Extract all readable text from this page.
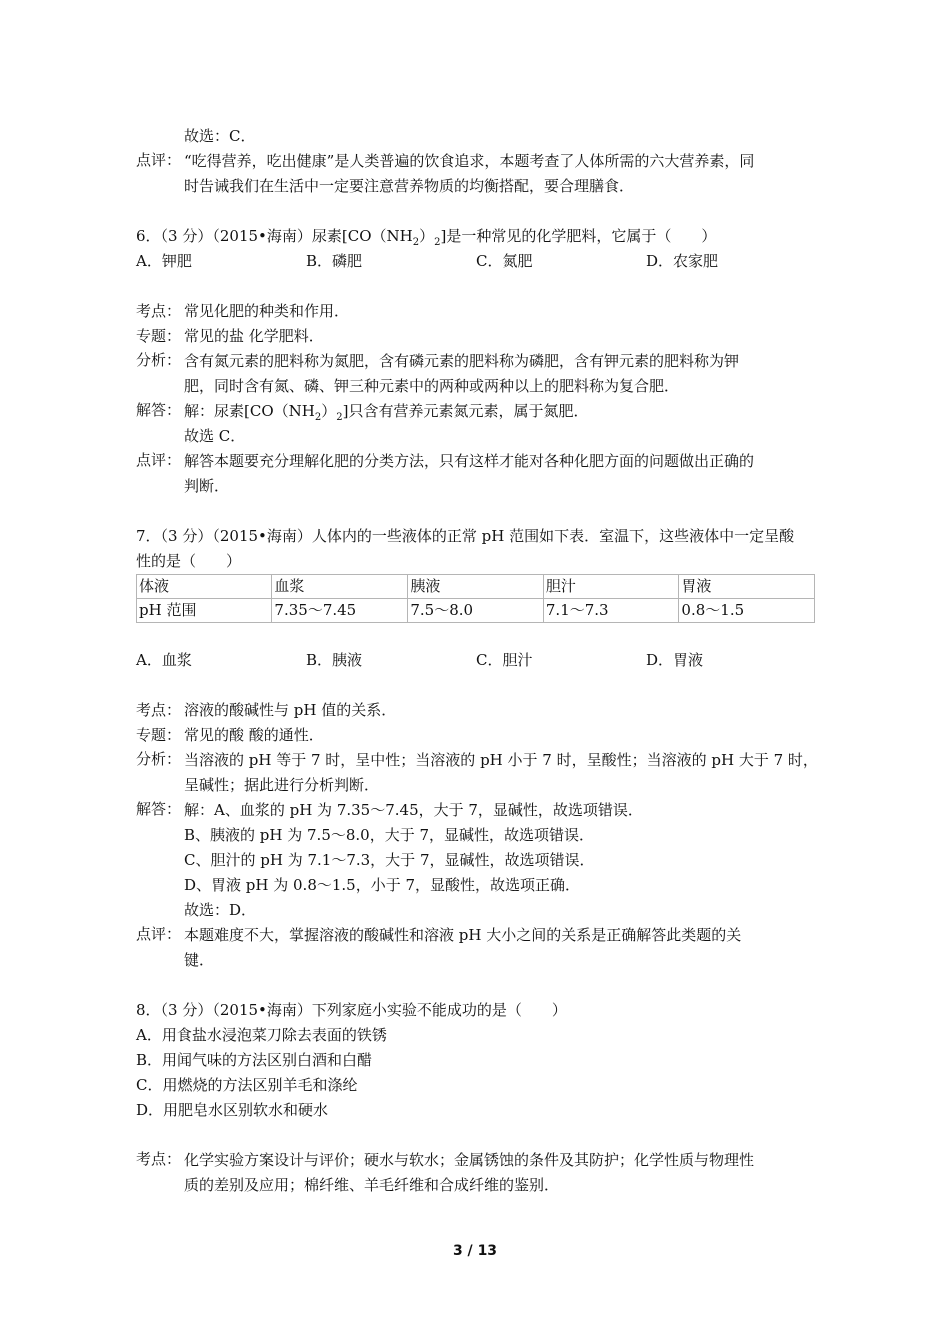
故选：C．
点评： “吃得营养，吃出健康”是人类普遍的饮食追求，本题考查了人体所需的六大营养素，同
时告诫我们在生活中一定要注意营养物质的均衡搭配，要合理膳食．
6．（3 分）（2015•海南）尿素$[CO(NH_2)_2]$是一种常见的化学肥料，它属于（　　）
A．钾肥	B．磷肥	C．氮肥	D．农家肥
考点： 常见化肥的种类和作用．
专题： 常见的盐 化学肥料．
分析： 含有氮元素的肥料称为氮肥，含有磷元素的肥料称为磷肥，含有钾元素的肥料称为钾
肥，同时含有氮、磷、钾三种元素中的两种或两种以上的肥料称为复合肥．
解答： 解：尿素$[CO(NH_2)_2]$只含有营养元素氮元素，属于氮肥．
故选 C．
点评： 解答本题要充分理解化肥的分类方法，只有这样才能对各种化肥方面的问题做出正确的
判断．
7．（3 分）（2015•海南）人体内的一些液体的正常 pH 范围如下表．室温下，这些液体中一定呈酸
性的是（　　）
体液	血浆	胰液	胆汁	胃液
pH 范围	7.35～7.45	7.5～8.0	7.1～7.3	0.8～1.5
A．血浆	B．胰液	C．胆汁	D．胃液
考点： 溶液的酸碱性与 pH 值的关系．
专题： 常见的酸 酸的通性．
分析： 当溶液的 pH 等于 7 时，呈中性；当溶液的 pH 小于 7 时，呈酸性；当溶液的 pH 大于 7 时，
呈碱性；据此进行分析判断．
解答： 解：A、血浆的 pH 为 7.35～7.45，大于 7，显碱性，故选项错误．
B、胰液的 pH 为 7.5～8.0，大于 7，显碱性，故选项错误．
C、胆汁的 pH 为 7.1～7.3，大于 7，显碱性，故选项错误．
D、胃液 pH 为 0.8～1.5，小于 7，显酸性，故选项正确．
故选：D．
点评： 本题难度不大，掌握溶液的酸碱性和溶液 pH 大小之间的关系是正确解答此类题的关
键．
8．（3 分）（2015•海南）下列家庭小实验不能成功的是（　　）
A．用食盐水浸泡菜刀除去表面的铁锈
B．用闻气味的方法区别白酒和白醋
C．用燃烧的方法区别羊毛和涤纶
D．用肥皂水区别软水和硬水
考点： 化学实验方案设计与评价；硬水与软水；金属锈蚀的条件及其防护；化学性质与物理性
质的差别及应用；棉纤维、羊毛纤维和合成纤维的鉴别．
3 / 13
